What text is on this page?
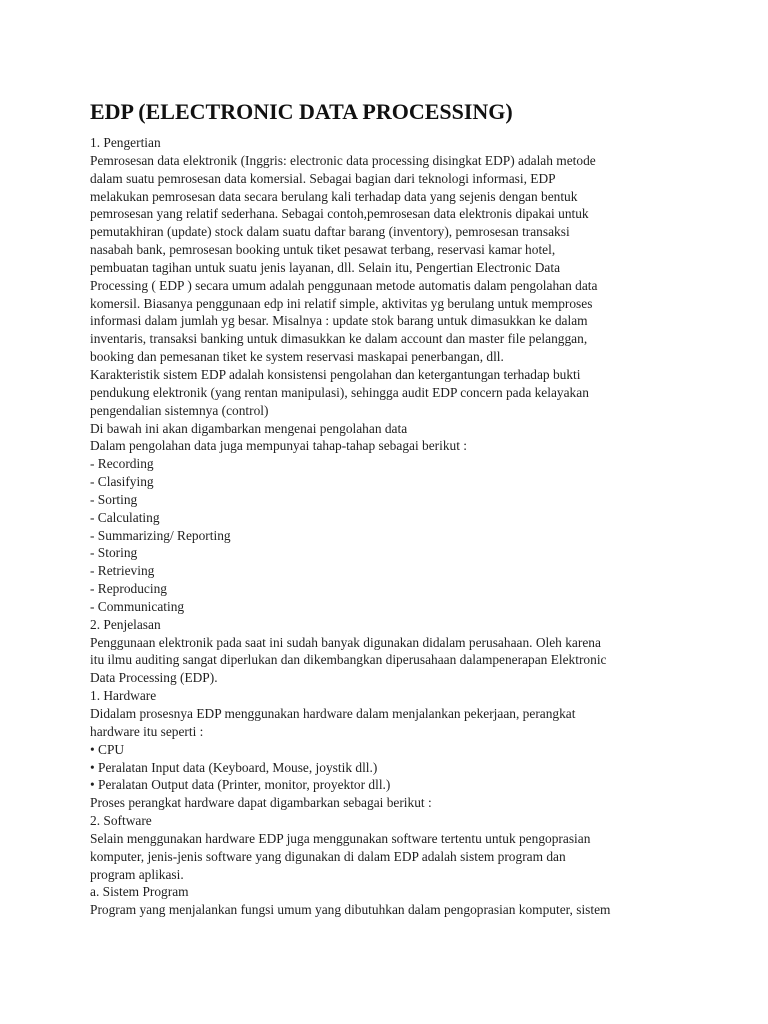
EDP (ELECTRONIC DATA PROCESSING)
1. Pengertian
Pemrosesan data elektronik (Inggris: electronic data processing disingkat EDP) adalah metode
dalam suatu pemrosesan data komersial. Sebagai bagian dari teknologi informasi, EDP
melakukan pemrosesan data secara berulang kali terhadap data yang sejenis dengan bentuk
pemrosesan yang relatif sederhana. Sebagai contoh,pemrosesan data elektronis dipakai untuk
pemutakhiran (update) stock dalam suatu daftar barang (inventory), pemrosesan transaksi
nasabah bank, pemrosesan booking untuk tiket pesawat terbang, reservasi kamar hotel,
pembuatan tagihan untuk suatu jenis layanan, dll. Selain itu, Pengertian Electronic Data
Processing ( EDP ) secara umum adalah penggunaan metode automatis dalam pengolahan data
komersil. Biasanya penggunaan edp ini relatif simple, aktivitas yg berulang untuk memproses
informasi dalam jumlah yg besar. Misalnya : update stok barang untuk dimasukkan ke dalam
inventaris, transaksi banking untuk dimasukkan ke dalam account dan master file pelanggan,
booking dan pemesanan tiket ke system reservasi maskapai penerbangan, dll.
Karakteristik sistem EDP adalah konsistensi pengolahan dan ketergantungan terhadap bukti
pendukung elektronik (yang rentan manipulasi), sehingga audit EDP concern pada kelayakan
pengendalian sistemnya (control)
Di bawah ini akan digambarkan mengenai pengolahan data
Dalam pengolahan data juga mempunyai tahap-tahap sebagai berikut :
- Recording
- Clasifying
- Sorting
- Calculating
- Summarizing/ Reporting
- Storing
- Retrieving
- Reproducing
- Communicating
2. Penjelasan
Penggunaan elektronik pada saat ini sudah banyak digunakan didalam perusahaan. Oleh karena
itu ilmu auditing sangat diperlukan dan dikembangkan diperusahaan dalampenerapan Elektronic
Data Processing (EDP).
1. Hardware
Didalam prosesnya EDP menggunakan hardware dalam menjalankan pekerjaan, perangkat
hardware itu seperti :
• CPU
• Peralatan Input data (Keyboard, Mouse, joystik dll.)
• Peralatan Output data (Printer, monitor, proyektor dll.)
Proses perangkat hardware dapat digambarkan sebagai berikut :
2. Software
Selain menggunakan hardware EDP juga menggunakan software tertentu untuk pengoprasian
komputer, jenis-jenis software yang digunakan di dalam EDP adalah sistem program dan
program aplikasi.
a. Sistem Program
Program yang menjalankan fungsi umum yang dibutuhkan dalam pengoprasian komputer, sistem
